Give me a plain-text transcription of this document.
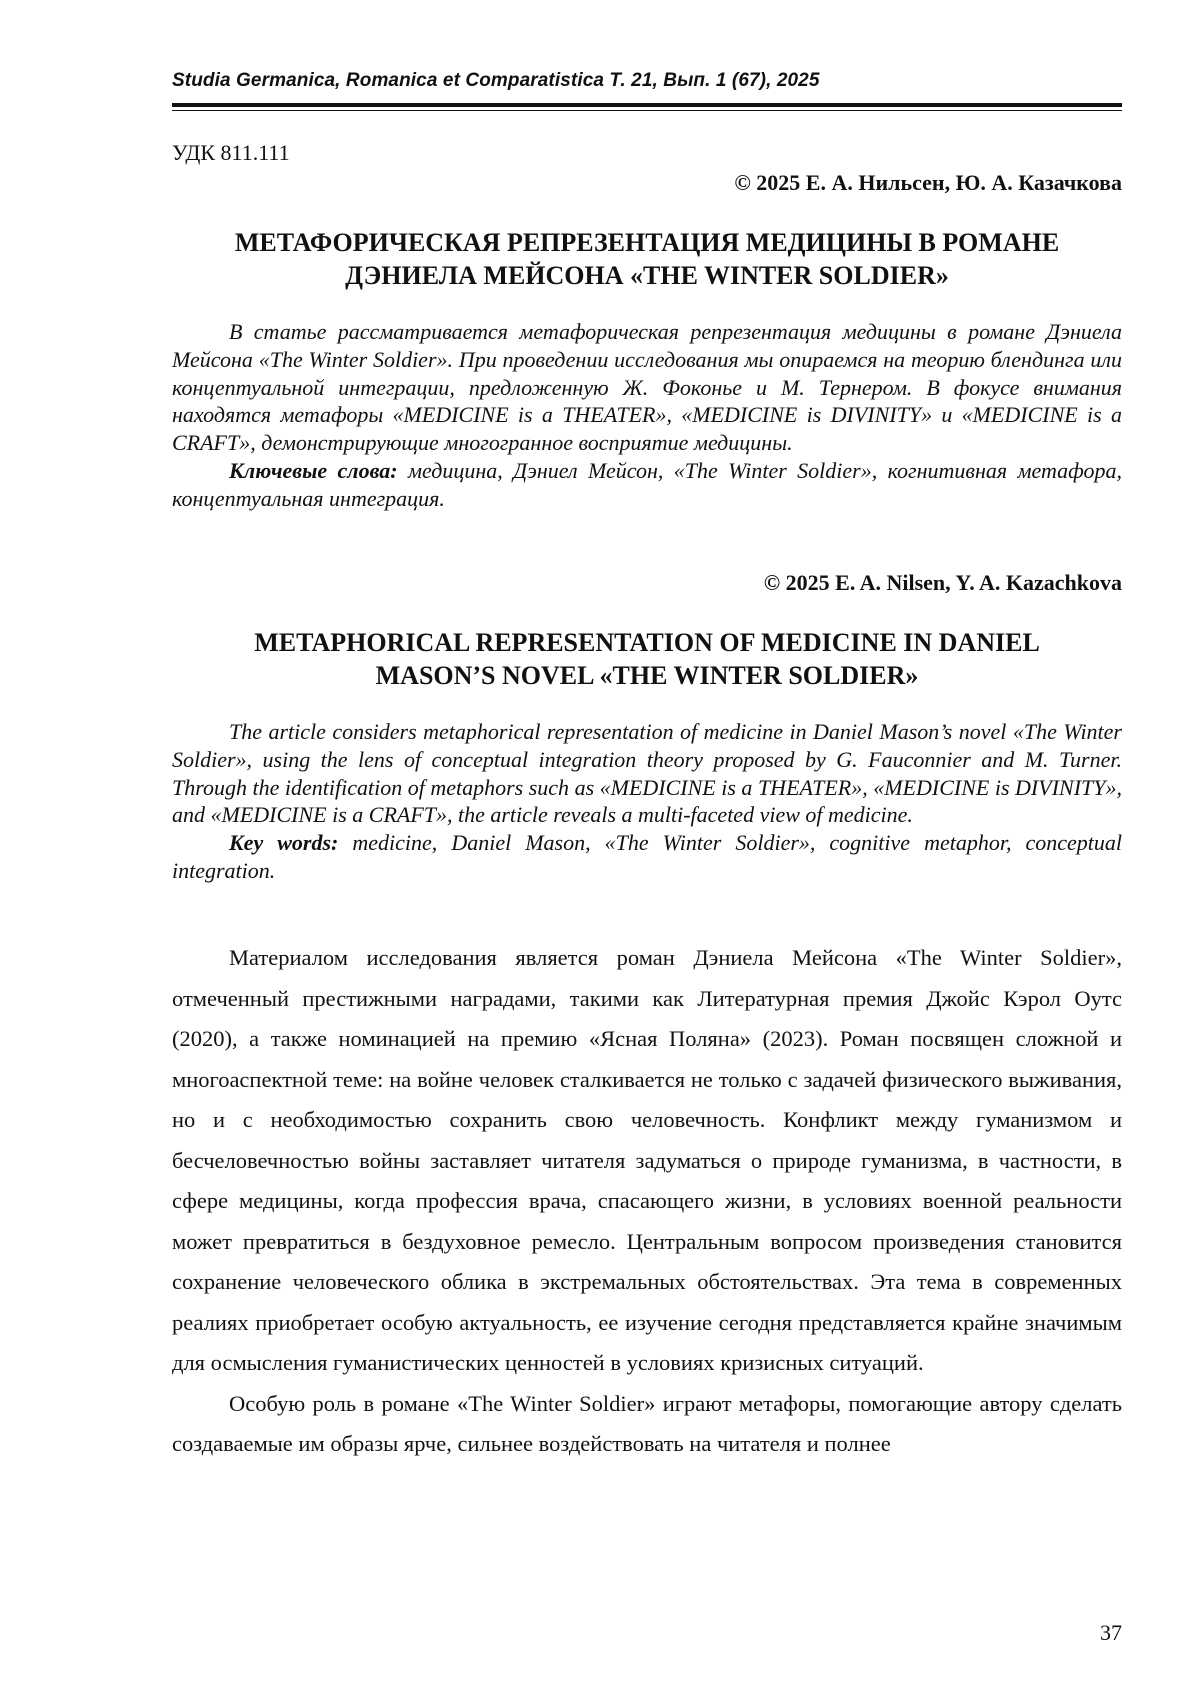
Studia Germanica, Romanica et Comparatistica Т. 21, Вып. 1 (67), 2025
УДК 811.111
© 2025 Е. А. Нильсен, Ю. А. Казачкова
МЕТАФОРИЧЕСКАЯ РЕПРЕЗЕНТАЦИЯ МЕДИЦИНЫ В РОМАНЕ
ДЭНИЕЛА МЕЙСОНА «THE WINTER SOLDIER»

В статье рассматривается метафорическая репрезентация медицины в романе Дэниела Мейсона «The Winter Soldier». При проведении исследования мы опираемся на теорию блендинга или концептуальной интеграции, предложенную Ж. Фоконье и М. Тернером. В фокусе внимания находятся метафоры «MEDICINE is a THEATER», «MEDICINE is DIVINITY» и «MEDICINE is a CRAFT», демонстрирующие многогранное восприятие медицины.

Ключевые слова: медицина, Дэниел Мейсон, «The Winter Soldier», когнитивная метафора, концептуальная интеграция.

© 2025 E. A. Nilsen, Y. A. Kazachkova
METAPHORICAL REPRESENTATION OF MEDICINE IN DANIEL
MASON’S NOVEL «THE WINTER SOLDIER»

The article considers metaphorical representation of medicine in Daniel Mason’s novel «The Winter Soldier», using the lens of conceptual integration theory proposed by G. Fauconnier and M. Turner. Through the identification of metaphors such as «MEDICINE is a THEATER», «MEDICINE is DIVINITY», and «MEDICINE is a CRAFT», the article reveals a multi-faceted view of medicine.

Key words: medicine, Daniel Mason, «The Winter Soldier», cognitive metaphor, conceptual integration.

Материалом исследования является роман Дэниела Мейсона «The Winter Soldier», отмеченный престижными наградами, такими как Литературная премия Джойс Кэрол Оутс (2020), а также номинацией на премию «Ясная Поляна» (2023). Роман посвящен сложной и многоаспектной теме: на войне человек сталкивается не только с задачей физического выживания, но и с необходимостью сохранить свою человечность. Конфликт между гуманизмом и бесчеловечностью войны заставляет читателя задуматься о природе гуманизма, в частности, в сфере медицины, когда профессия врача, спасающего жизни, в условиях военной реальности может превратиться в бездуховное ремесло. Центральным вопросом произведения становится сохранение человеческого облика в экстремальных обстоятельствах. Эта тема в современных реалиях приобретает особую актуальность, ее изучение сегодня представляется крайне значимым для осмысления гуманистических ценностей в условиях кризисных ситуаций.

Особую роль в романе «The Winter Soldier» играют метафоры, помогающие автору сделать создаваемые им образы ярче, сильнее воздействовать на читателя и полнее

37
